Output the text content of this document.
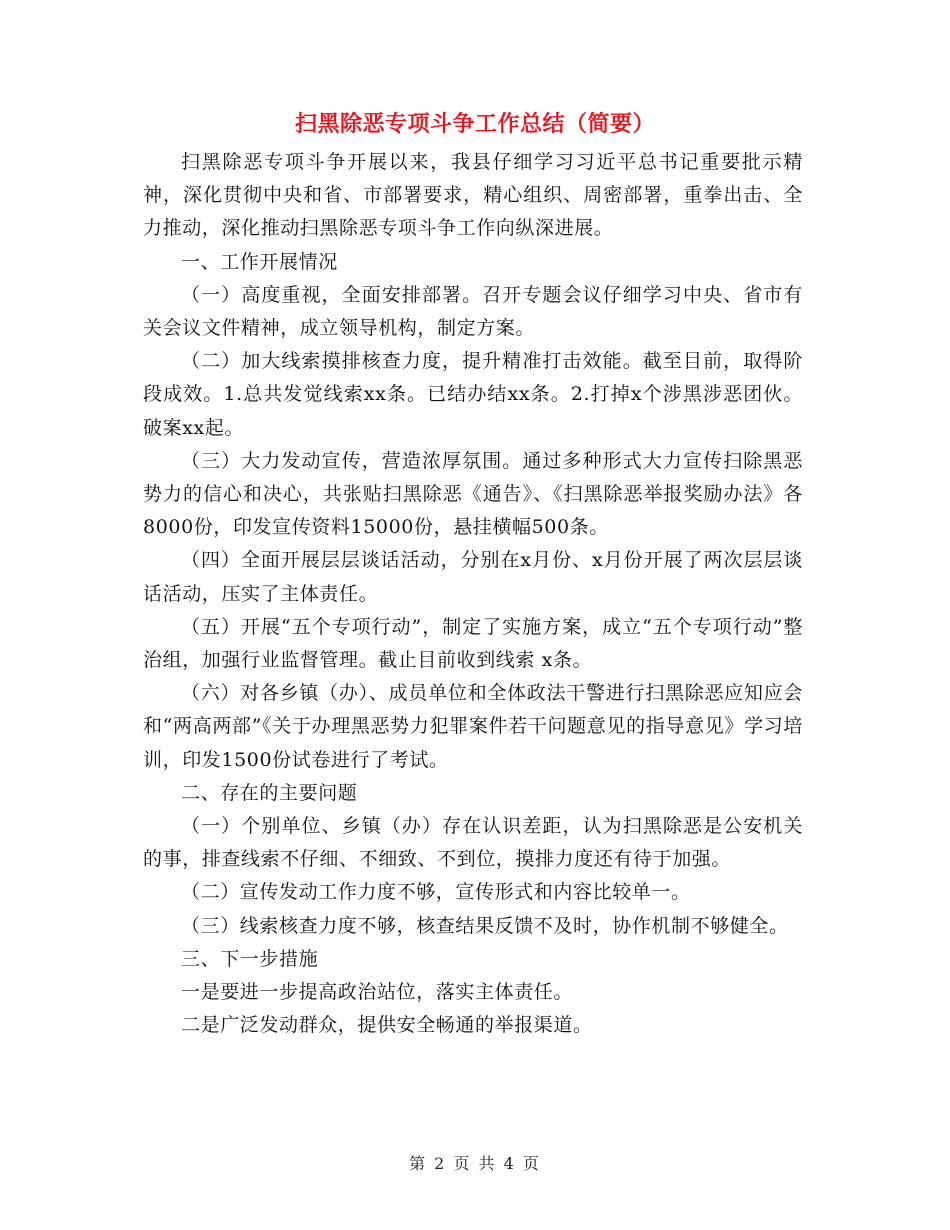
扫黑除恶专项斗争工作总结（简要）

扫黑除恶专项斗争开展以来，我县仔细学习习近平总书记重要批示精神，深化贯彻中央和省、市部署要求，精心组织、周密部署，重拳出击、全力推动，深化推动扫黑除恶专项斗争工作向纵深进展。

一、工作开展情况

（一）高度重视，全面安排部署。召开专题会议仔细学习中央、省市有关会议文件精神，成立领导机构，制定方案。

（二）加大线索摸排核查力度，提升精准打击效能。截至目前，取得阶段成效。1.总共发觉线索xx条。已结办结xx条。2.打掉x个涉黑涉恶团伙。破案xx起。

（三）大力发动宣传，营造浓厚氛围。通过多种形式大力宣传扫除黑恶势力的信心和决心，共张贴扫黑除恶《通告》、《扫黑除恶举报奖励办法》各8000份，印发宣传资料15000份，悬挂横幅500条。

（四）全面开展层层谈话活动，分别在x月份、x月份开展了两次层层谈话活动，压实了主体责任。

（五）开展“五个专项行动”，制定了实施方案，成立“五个专项行动”整治组，加强行业监督管理。截止目前收到线索 x条。

（六）对各乡镇（办）、成员单位和全体政法干警进行扫黑除恶应知应会和“两高两部”《关于办理黑恶势力犯罪案件若干问题意见的指导意见》学习培训，印发1500份试卷进行了考试。

二、存在的主要问题

（一）个别单位、乡镇（办）存在认识差距，认为扫黑除恶是公安机关的事，排查线索不仔细、不细致、不到位，摸排力度还有待于加强。

（二）宣传发动工作力度不够，宣传形式和内容比较单一。

（三）线索核查力度不够，核查结果反馈不及时，协作机制不够健全。

三、下一步措施

一是要进一步提高政治站位，落实主体责任。

二是广泛发动群众，提供安全畅通的举报渠道。

第 2 页 共 4 页
